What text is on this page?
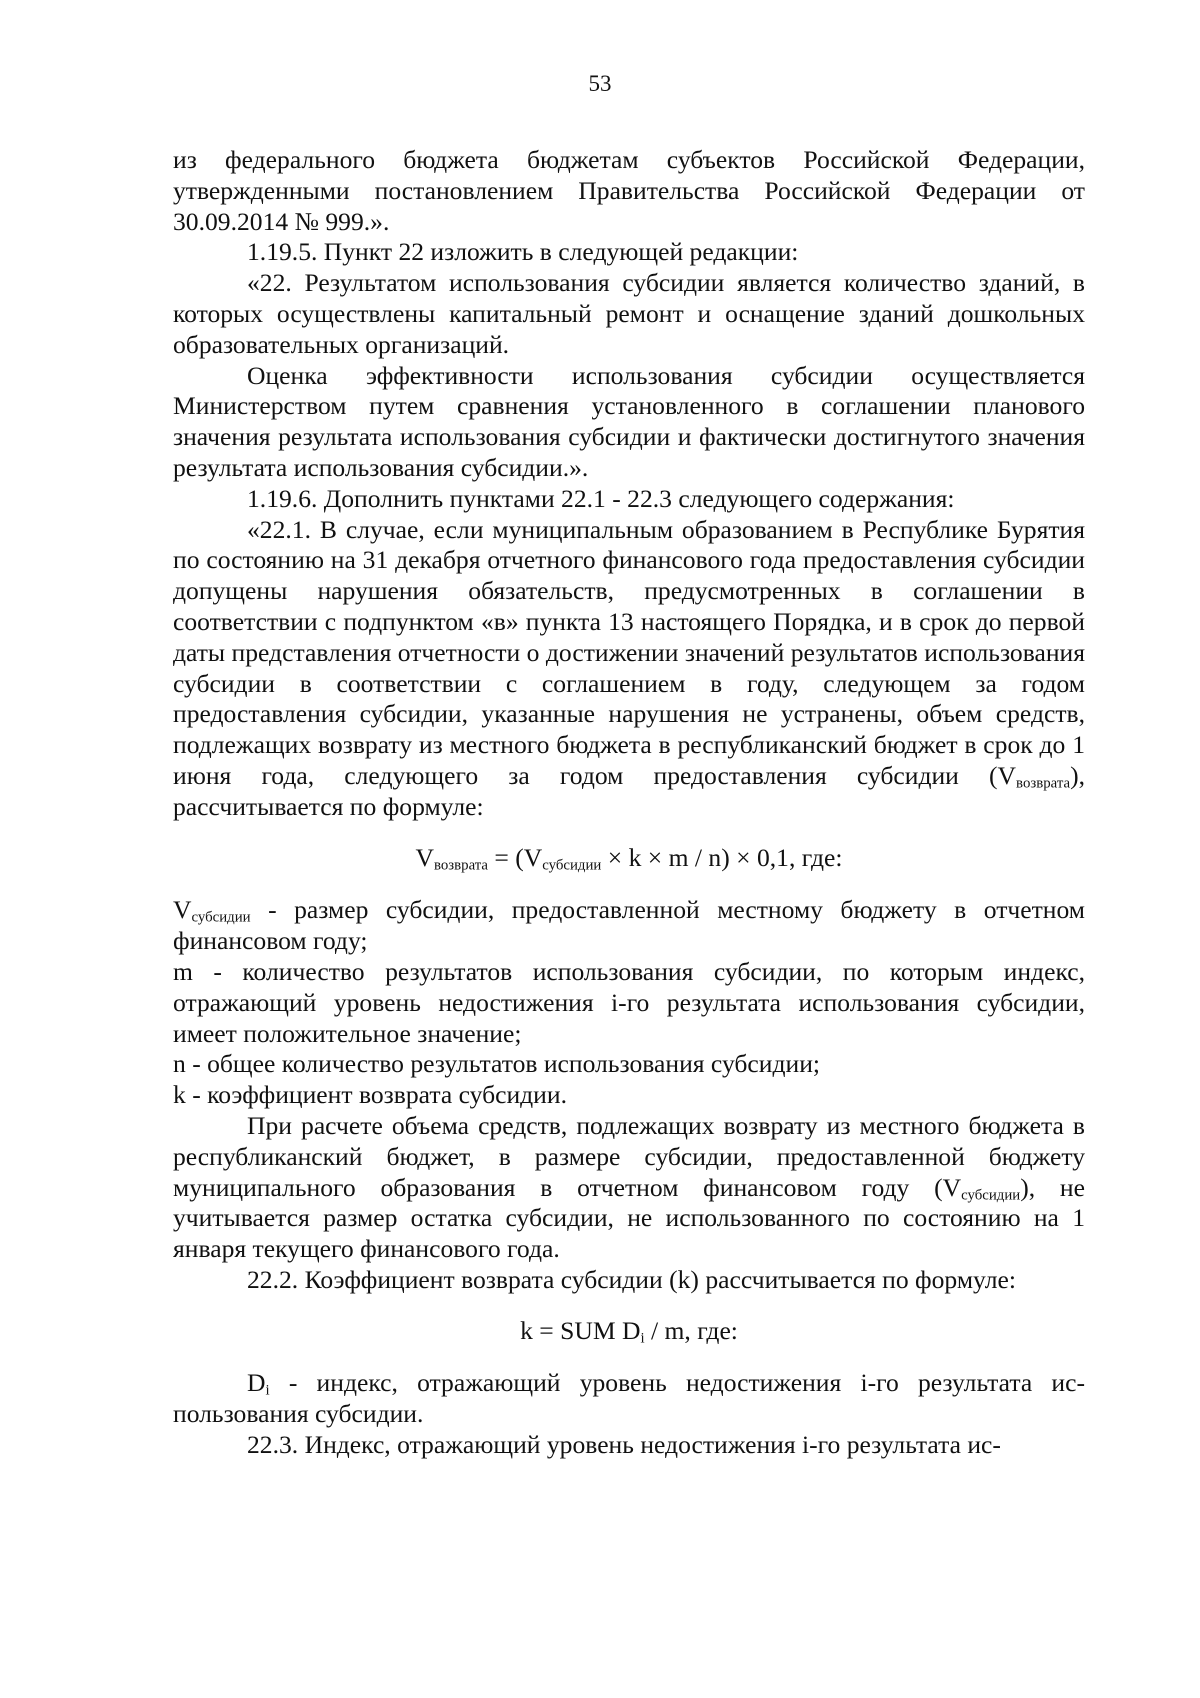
53

из федерального бюджета бюджетам субъектов Российской Федерации, утвержденными постановлением Правительства Российской Федерации от 30.09.2014 № 999.».

1.19.5. Пункт 22 изложить в следующей редакции:

«22. Результатом использования субсидии является количество зданий, в которых осуществлены капитальный ремонт и оснащение зданий дошкольных образовательных организаций.

Оценка эффективности использования субсидии осуществляется Министерством путем сравнения установленного в соглашении планового значения результата использования субсидии и фактически достигнутого значения результата использования субсидии.».

1.19.6. Дополнить пунктами 22.1 - 22.3 следующего содержания:

«22.1. В случае, если муниципальным образованием в Республике Бурятия по состоянию на 31 декабря отчетного финансового года предоставления субсидии допущены нарушения обязательств, предусмотренных в соглашении в соответствии с подпунктом «в» пункта 13 настоящего Порядка, и в срок до первой даты представления отчетности о достижении значений результатов использования субсидии в соответствии с соглашением в году, следующем за годом предоставления субсидии, указанные нарушения не устранены, объем средств, подлежащих возврату из местного бюджета в республиканский бюджет в срок до 1 июня года, следующего за годом предоставления субсидии $(V_{возврата})$, рассчитывается по формуле:

$V_{возврата} = (V_{субсидии} \times k \times m / n) \times 0,1$, где:

$V_{субсидии}$ - размер субсидии, предоставленной местному бюджету в отчетном финансовом году;

m - количество результатов использования субсидии, по которым индекс, отражающий уровень недостижения i-го результата использования субсидии, имеет положительное значение;

n - общее количество результатов использования субсидии;

k - коэффициент возврата субсидии.

При расчете объема средств, подлежащих возврату из местного бюджета в республиканский бюджет, в размере субсидии, предоставленной бюджету муниципального образования в отчетном финансовом году $(V_{субсидии})$, не учитывается размер остатка субсидии, не использованного по состоянию на 1 января текущего финансового года.

22.2. Коэффициент возврата субсидии (k) рассчитывается по формуле:

k = SUM $D_i$ / m, где:

$D_i$ - индекс, отражающий уровень недостижения i-го результата использования субсидии.

22.3. Индекс, отражающий уровень недостижения i-го результата ис-
